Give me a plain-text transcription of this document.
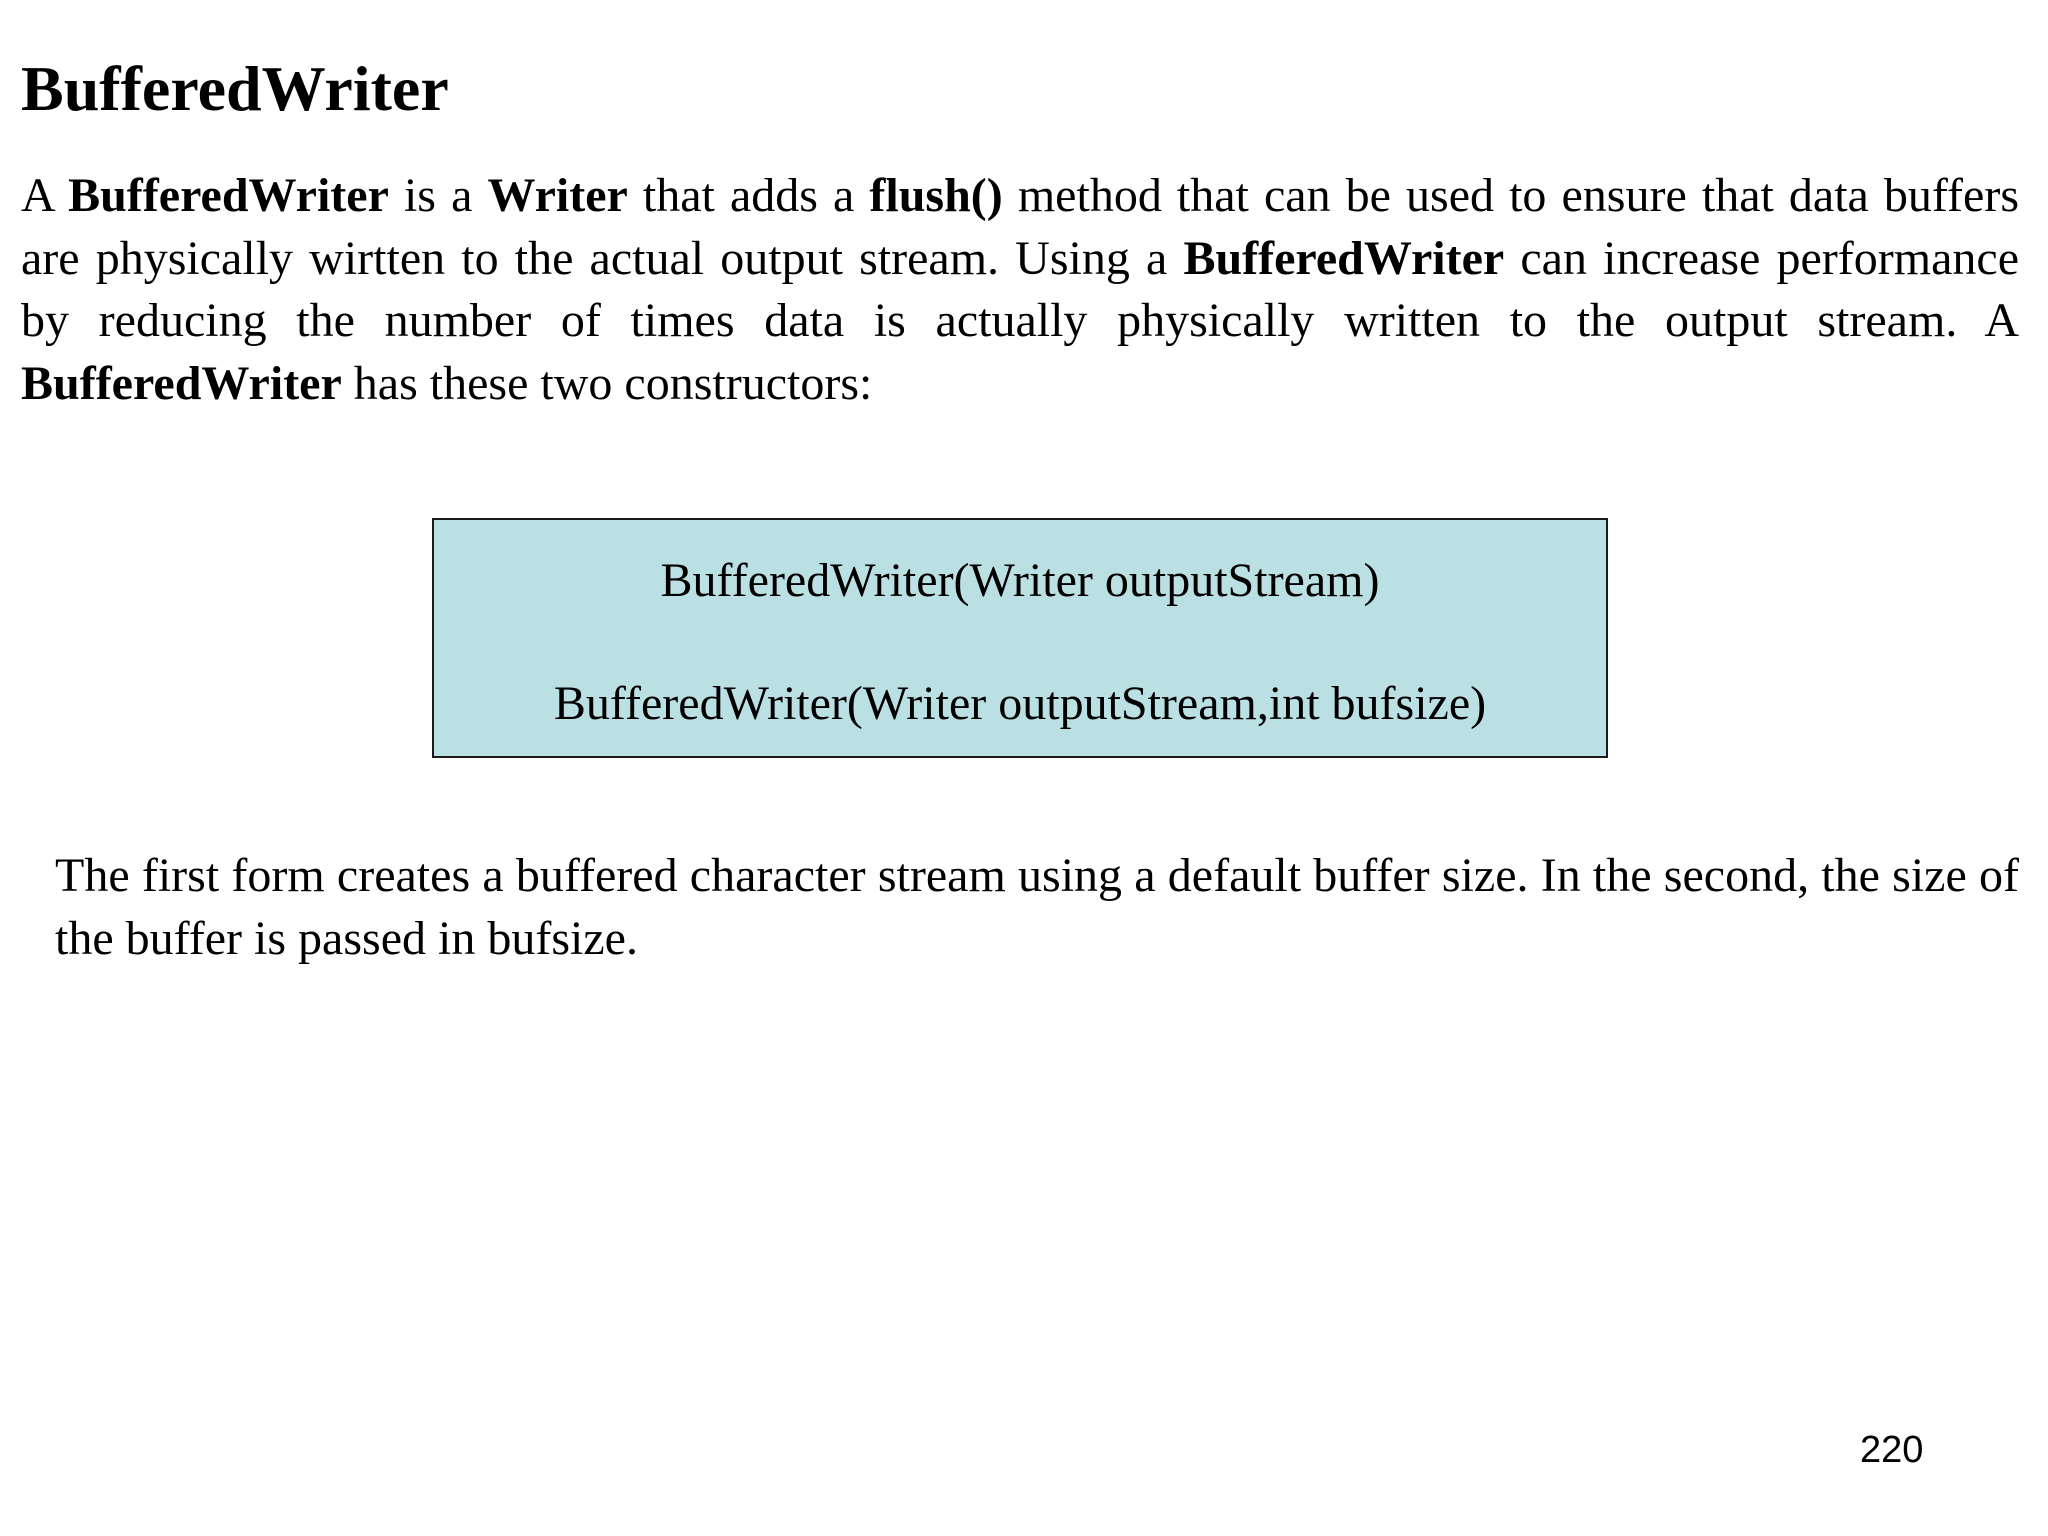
BufferedWriter

A BufferedWriter is a Writer that adds a flush() method that can be used to ensure that data buffers are physically wirtten to the actual output stream. Using a BufferedWriter can increase performance by reducing the number of times data is actually physically written to the output stream. A BufferedWriter has these two constructors:

BufferedWriter(Writer outputStream)
BufferedWriter(Writer outputStream,int bufsize)

The first form creates a buffered character stream using a default buffer size. In the second, the size of the buffer is passed in bufsize.

220
